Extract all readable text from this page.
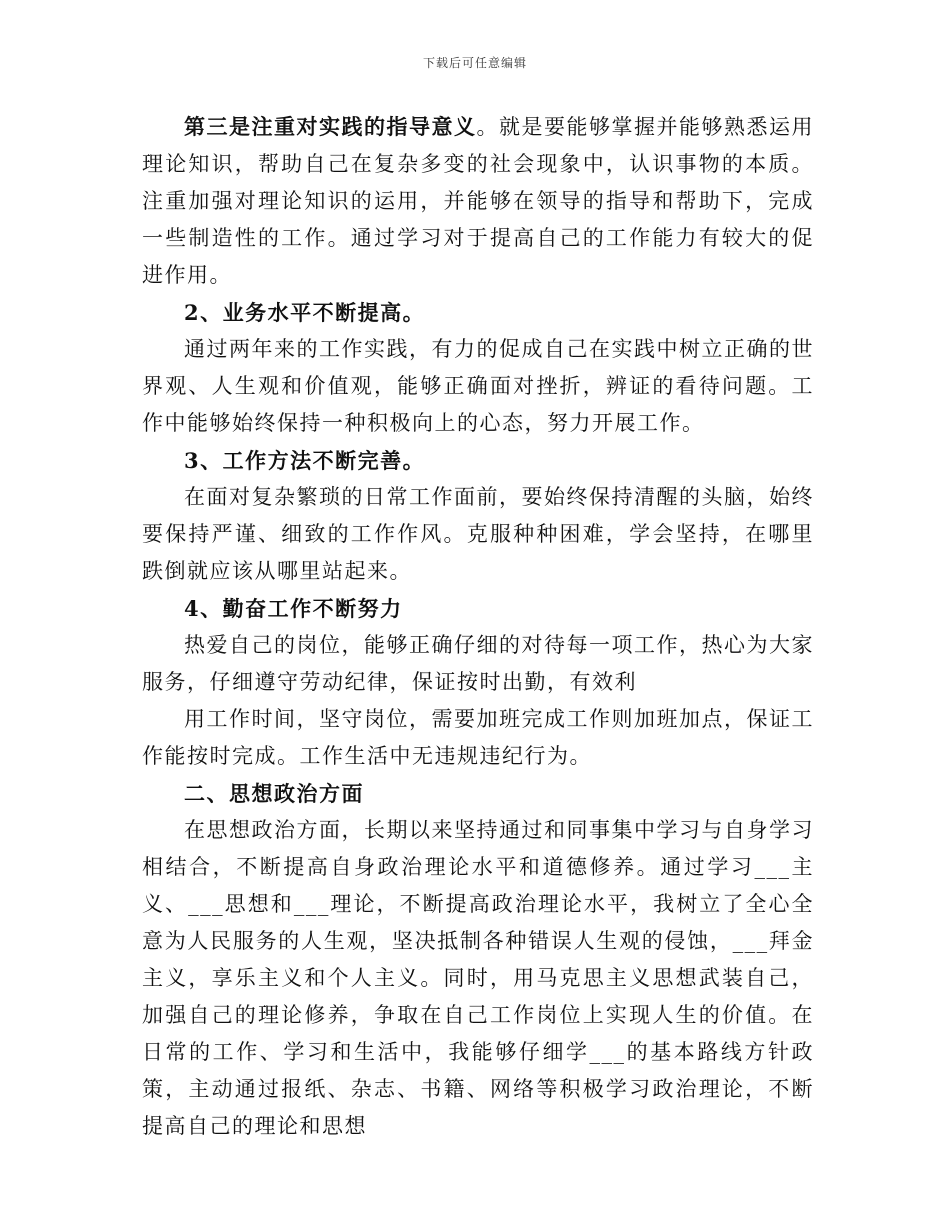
下载后可任意编辑

第三是注重对实践的指导意义。就是要能够掌握并能够熟悉运用理论知识，帮助自己在复杂多变的社会现象中，认识事物的本质。注重加强对理论知识的运用，并能够在领导的指导和帮助下，完成一些制造性的工作。通过学习对于提高自己的工作能力有较大的促进作用。

2、业务水平不断提高。

通过两年来的工作实践，有力的促成自己在实践中树立正确的世界观、人生观和价值观，能够正确面对挫折，辨证的看待问题。工作中能够始终保持一种积极向上的心态，努力开展工作。

3、工作方法不断完善。

在面对复杂繁琐的日常工作面前，要始终保持清醒的头脑，始终要保持严谨、细致的工作作风。克服种种困难，学会坚持，在哪里跌倒就应该从哪里站起来。

4、勤奋工作不断努力

热爱自己的岗位，能够正确仔细的对待每一项工作，热心为大家服务，仔细遵守劳动纪律，保证按时出勤，有效利

用工作时间，坚守岗位，需要加班完成工作则加班加点，保证工作能按时完成。工作生活中无违规违纪行为。

二、思想政治方面

在思想政治方面，长期以来坚持通过和同事集中学习与自身学习相结合，不断提高自身政治理论水平和道德修养。通过学习___主义、___思想和___理论，不断提高政治理论水平，我树立了全心全意为人民服务的人生观，坚决抵制各种错误人生观的侵蚀，___拜金主义，享乐主义和个人主义。同时，用马克思主义思想武装自己，加强自己的理论修养，争取在自己工作岗位上实现人生的价值。在日常的工作、学习和生活中，我能够仔细学___的基本路线方针政策，主动通过报纸、杂志、书籍、网络等积极学习政治理论，不断提高自己的理论和思想
